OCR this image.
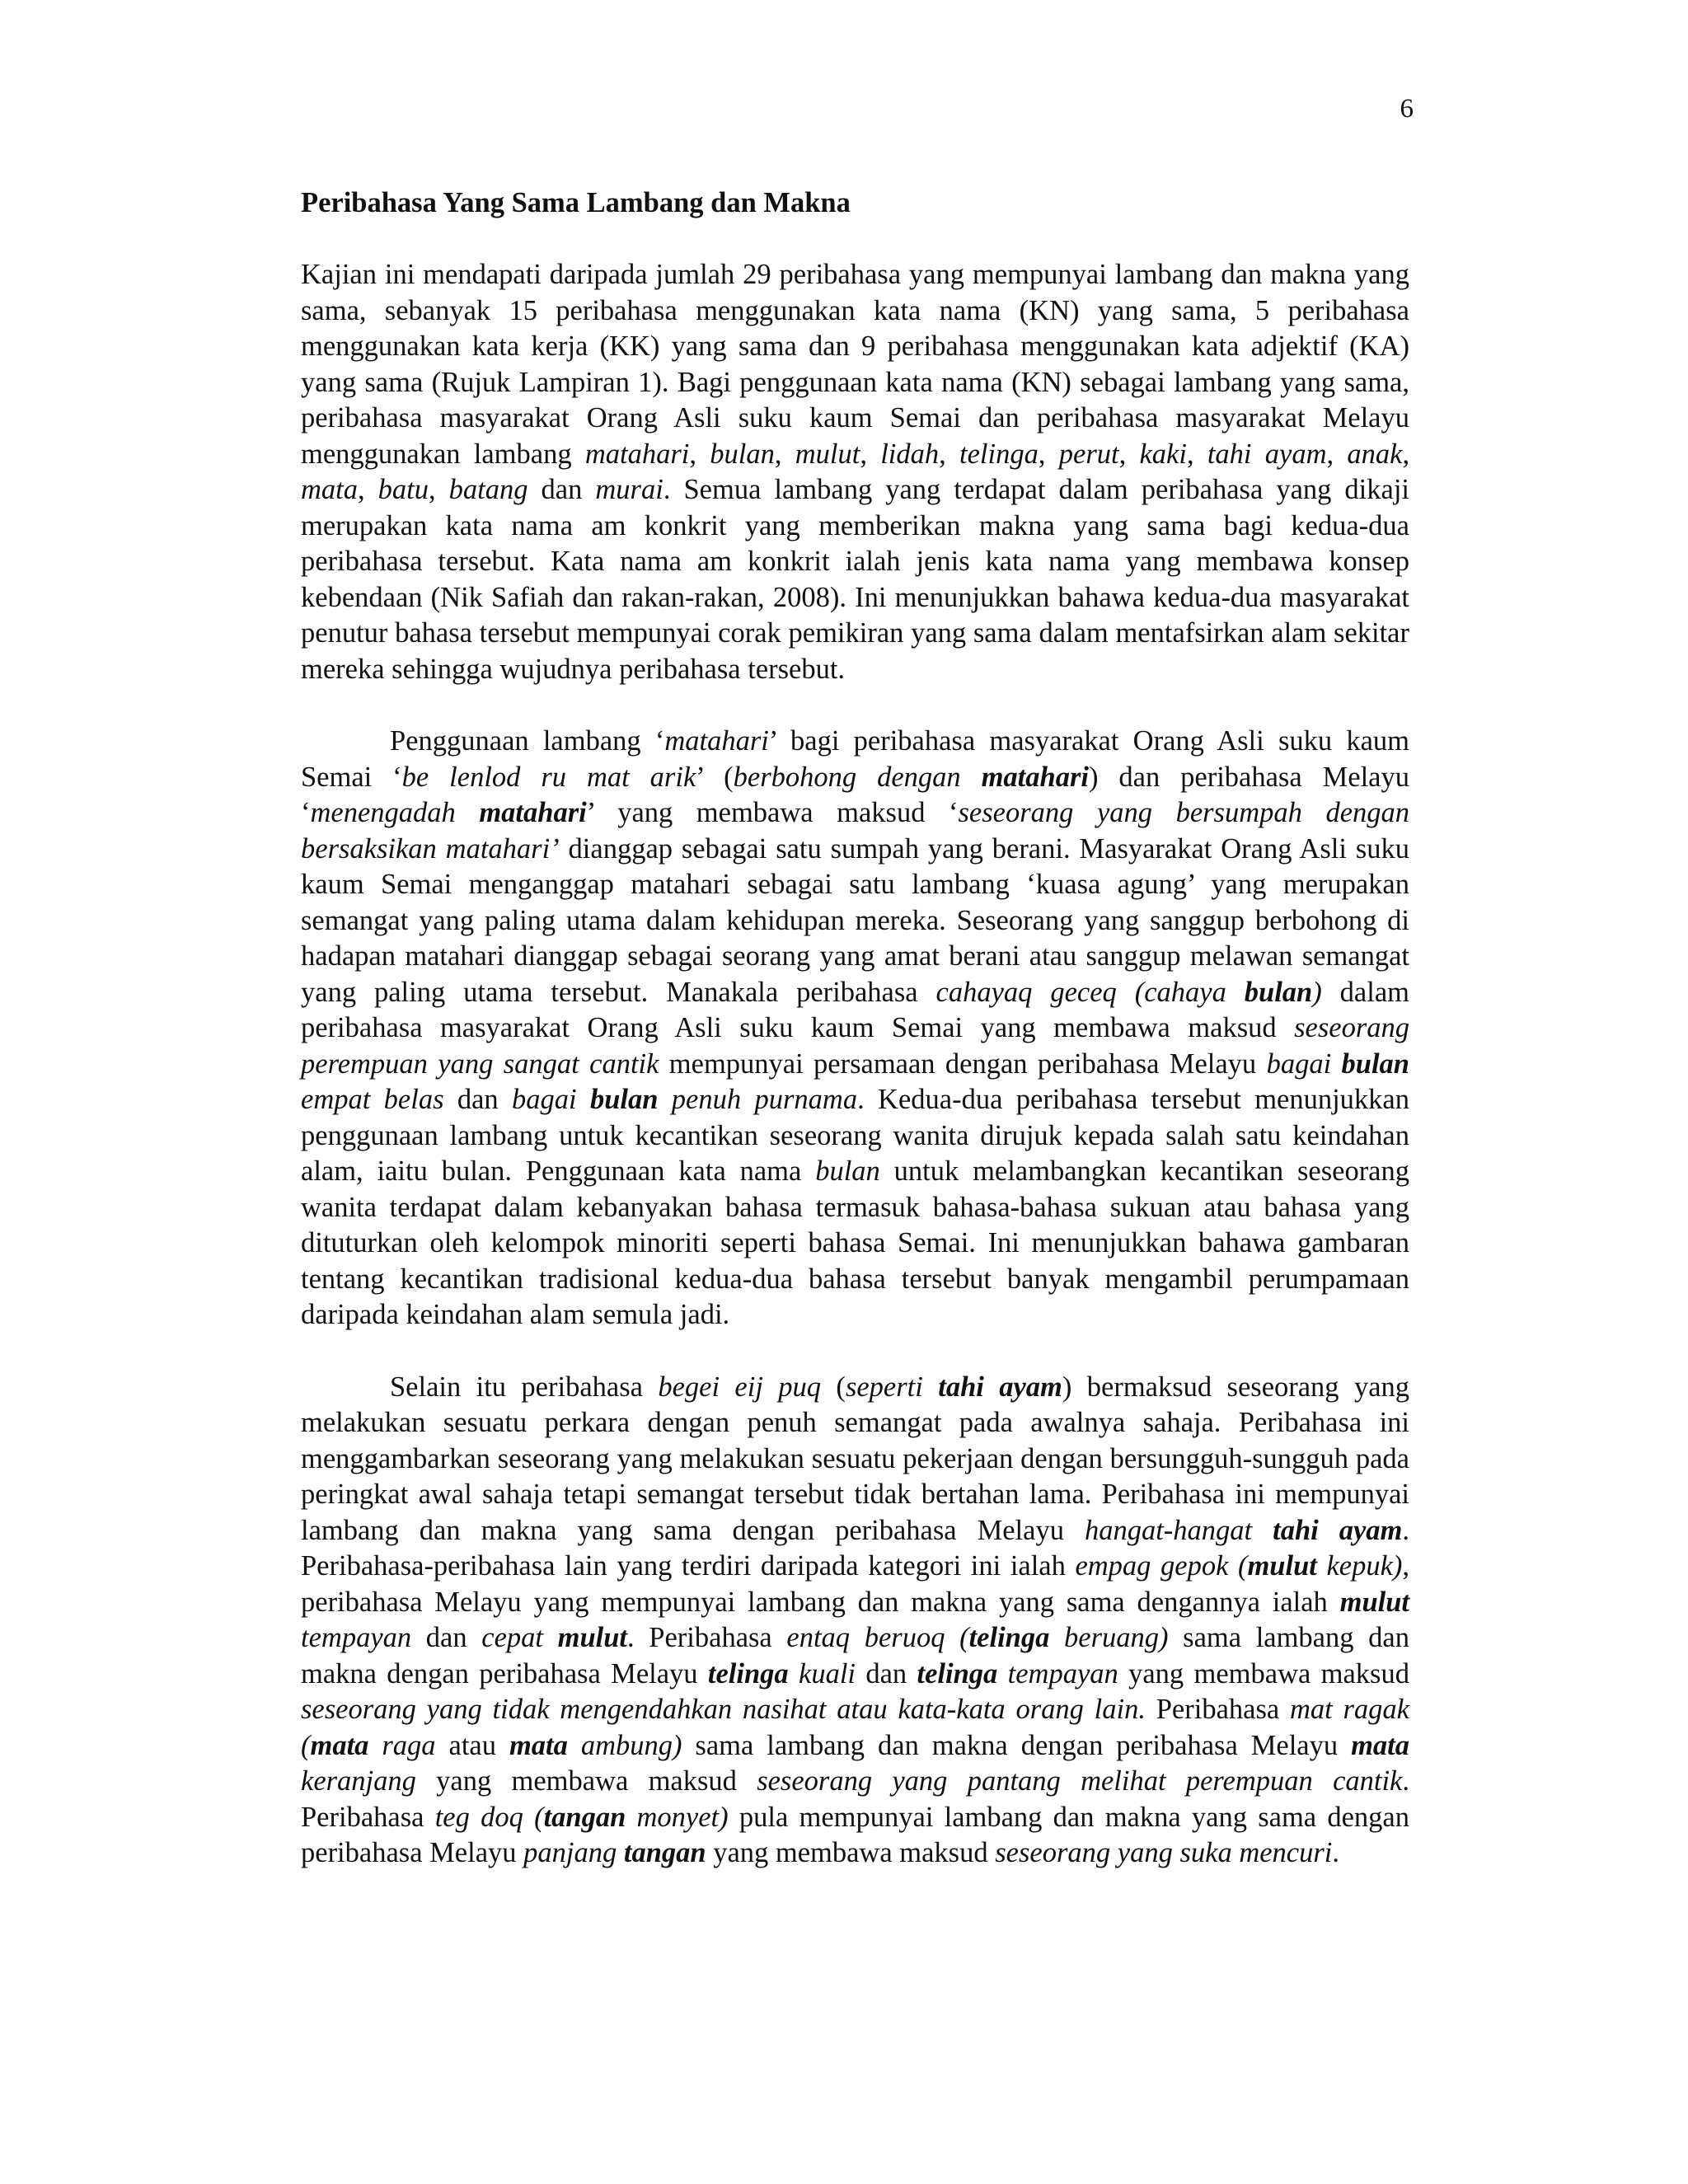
6
Peribahasa Yang Sama Lambang dan Makna

Kajian ini mendapati daripada jumlah 29 peribahasa yang mempunyai lambang dan makna yang sama, sebanyak 15 peribahasa menggunakan kata nama (KN) yang sama, 5 peribahasa menggunakan kata kerja (KK) yang sama dan 9 peribahasa menggunakan kata adjektif (KA) yang sama (Rujuk Lampiran 1). Bagi penggunaan kata nama (KN) sebagai lambang yang sama, peribahasa masyarakat Orang Asli suku kaum Semai dan peribahasa masyarakat Melayu menggunakan lambang matahari, bulan, mulut, lidah, telinga, perut, kaki, tahi ayam, anak, mata, batu, batang dan murai. Semua lambang yang terdapat dalam peribahasa yang dikaji merupakan kata nama am konkrit yang memberikan makna yang sama bagi kedua-dua peribahasa tersebut. Kata nama am konkrit ialah jenis kata nama yang membawa konsep kebendaan (Nik Safiah dan rakan-rakan, 2008). Ini menunjukkan bahawa kedua-dua masyarakat penutur bahasa tersebut mempunyai corak pemikiran yang sama dalam mentafsirkan alam sekitar mereka sehingga wujudnya peribahasa tersebut.

Penggunaan lambang ‘matahari’ bagi peribahasa masyarakat Orang Asli suku kaum Semai ‘be lenlod ru mat arik’ (berbohong dengan matahari) dan peribahasa Melayu ‘menengadah matahari’ yang membawa maksud ‘seseorang yang bersumpah dengan bersaksikan matahari’ dianggap sebagai satu sumpah yang berani. Masyarakat Orang Asli suku kaum Semai menganggap matahari sebagai satu lambang ‘kuasa agung’ yang merupakan semangat yang paling utama dalam kehidupan mereka. Seseorang yang sanggup berbohong di hadapan matahari dianggap sebagai seorang yang amat berani atau sanggup melawan semangat yang paling utama tersebut. Manakala peribahasa cahayaq geceq (cahaya bulan) dalam peribahasa masyarakat Orang Asli suku kaum Semai yang membawa maksud seseorang perempuan yang sangat cantik mempunyai persamaan dengan peribahasa Melayu bagai bulan empat belas dan bagai bulan penuh purnama. Kedua-dua peribahasa tersebut menunjukkan penggunaan lambang untuk kecantikan seseorang wanita dirujuk kepada salah satu keindahan alam, iaitu bulan. Penggunaan kata nama bulan untuk melambangkan kecantikan seseorang wanita terdapat dalam kebanyakan bahasa termasuk bahasa-bahasa sukuan atau bahasa yang dituturkan oleh kelompok minoriti seperti bahasa Semai. Ini menunjukkan bahawa gambaran tentang kecantikan tradisional kedua-dua bahasa tersebut banyak mengambil perumpamaan daripada keindahan alam semula jadi.

Selain itu peribahasa begei eij puq (seperti tahi ayam) bermaksud seseorang yang melakukan sesuatu perkara dengan penuh semangat pada awalnya sahaja. Peribahasa ini menggambarkan seseorang yang melakukan sesuatu pekerjaan dengan bersungguh-sungguh pada peringkat awal sahaja tetapi semangat tersebut tidak bertahan lama. Peribahasa ini mempunyai lambang dan makna yang sama dengan peribahasa Melayu hangat-hangat tahi ayam. Peribahasa-peribahasa lain yang terdiri daripada kategori ini ialah empag gepok (mulut kepuk), peribahasa Melayu yang mempunyai lambang dan makna yang sama dengannya ialah mulut tempayan dan cepat mulut. Peribahasa entaq beruoq (telinga beruang) sama lambang dan makna dengan peribahasa Melayu telinga kuali dan telinga tempayan yang membawa maksud seseorang yang tidak mengendahkan nasihat atau kata-kata orang lain. Peribahasa mat ragak (mata raga atau mata ambung) sama lambang dan makna dengan peribahasa Melayu mata keranjang yang membawa maksud seseorang yang pantang melihat perempuan cantik. Peribahasa teg doq (tangan monyet) pula mempunyai lambang dan makna yang sama dengan peribahasa Melayu panjang tangan yang membawa maksud seseorang yang suka mencuri.
